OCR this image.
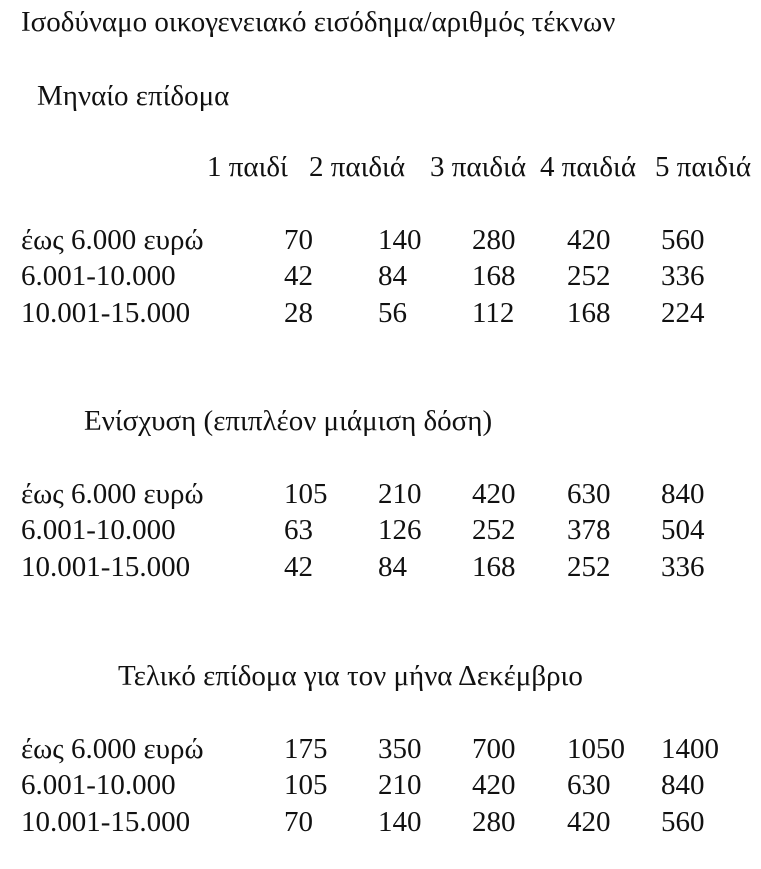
Ισοδύναμο οικογενειακό εισόδημα/αριθμός τέκνων
Μηναίο επίδομα
1 παιδί 2 παιδιά 3 παιδιά 4 παιδιά 5 παιδιά
έως 6.000 ευρώ	70 140 280 420 560
6.001-10.000	42 84 168 252 336
10.001-15.000	28 56 112 168 224
Ενίσχυση (επιπλέον μιάμιση δόση)
έως 6.000 ευρώ	105 210 420 630 840
6.001-10.000	63 126 252 378 504
10.001-15.000	42 84 168 252 336
Τελικό επίδομα για τον μήνα Δεκέμβριο
έως 6.000 ευρώ	175 350 700 1050 1400
6.001-10.000	105 210 420 630 840
10.001-15.000	70 140 280 420 560
